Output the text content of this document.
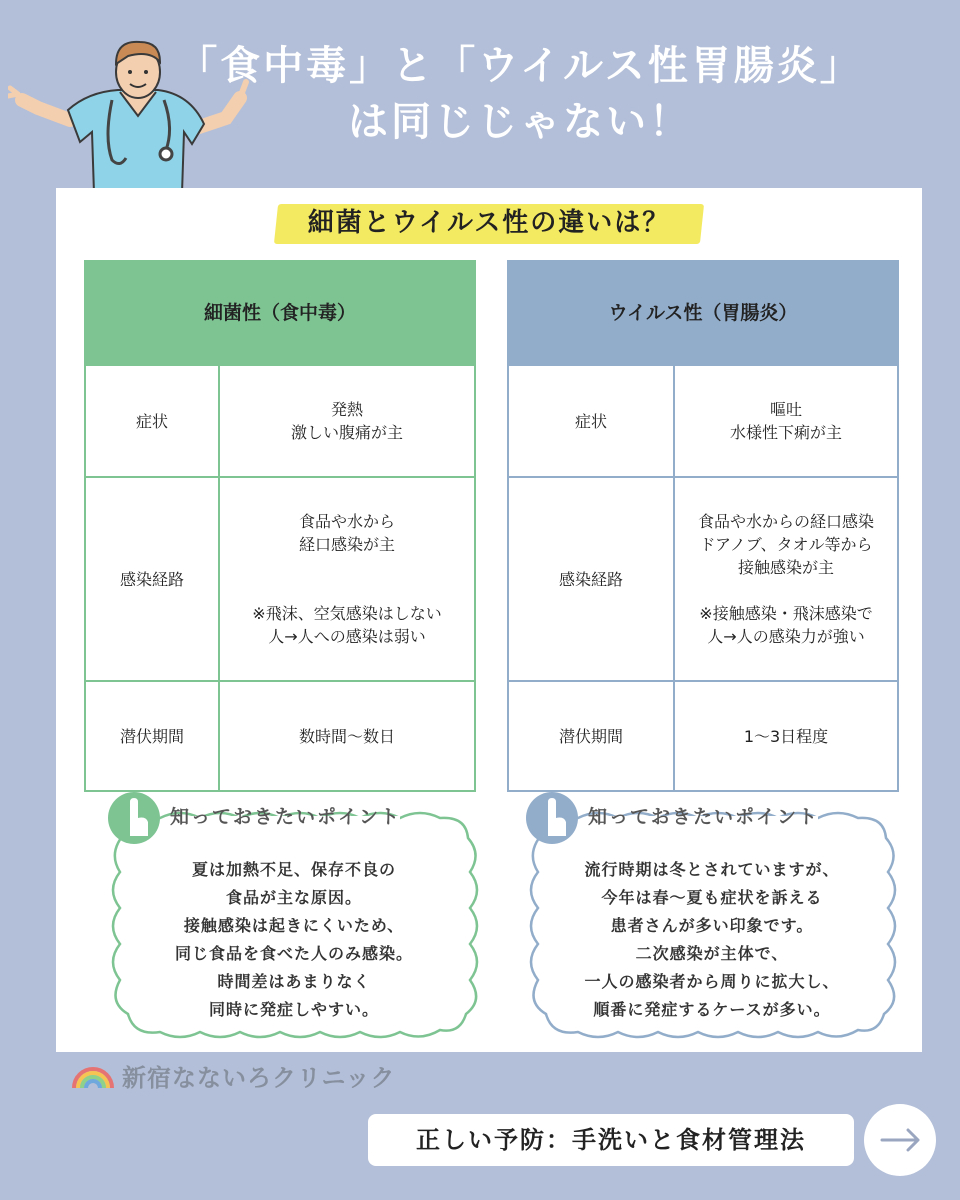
「食中毒」と「ウイルス性胃腸炎」
は同じじゃない！
細菌とウイルス性の違いは？
細菌性（食中毒）	
症状	発熱
激しい腹痛が主

感染経路	食品や水から
経口感染が主
※飛沫、空気感染はしない
人→人への感染は弱い

潜伏期間	数時間〜数日
ウイルス性（胃腸炎）	
症状	嘔吐
水様性下痢が主

感染経路	食品や水からの経口感染
ドアノブ、タオル等から
接触感染が主
※接触感染・飛沫感染で
人→人の感染力が強い

潜伏期間	1〜3日程度
知っておきたいポイント
夏は加熱不足、保存不良の
食品が主な原因。
接触感染は起きにくいため、
同じ食品を食べた人のみ感染。
時間差はあまりなく
同時に発症しやすい。
知っておきたいポイント
流行時期は冬とされていますが、
今年は春〜夏も症状を訴える
患者さんが多い印象です。
二次感染が主体で、
一人の感染者から周りに拡大し、
順番に発症するケースが多い。
新宿なないろクリニック
正しい予防：手洗いと食材管理法
